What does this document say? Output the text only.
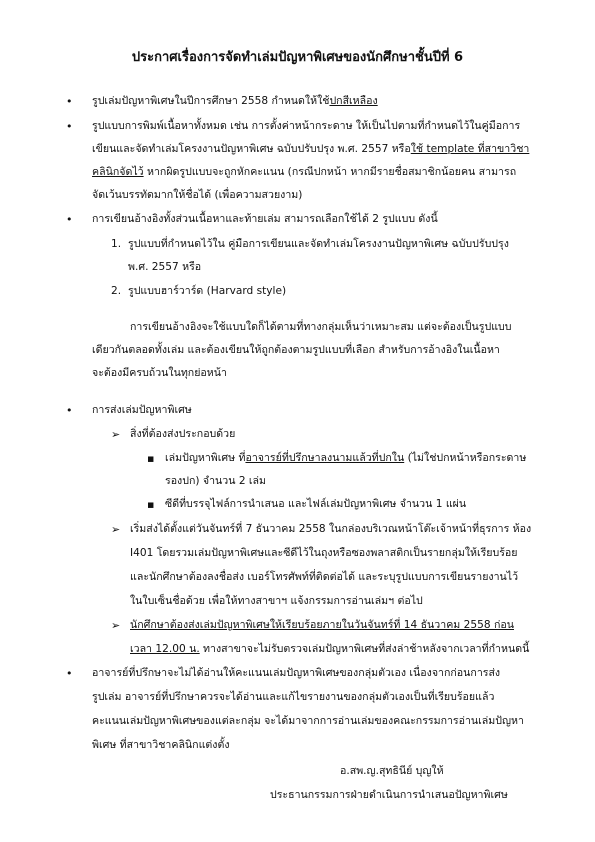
ประกาศเรื่องการจัดทำเล่มปัญหาพิเศษของนักศึกษาชั้นปีที่ 6
• รูปเล่มปัญหาพิเศษในปีการศึกษา 2558 กำหนดให้ใช้ปกสีเหลือง
• รูปแบบการพิมพ์เนื้อหาทั้งหมด เช่น การตั้งค่าหน้ากระดาษ ให้เป็นไปตามที่กำหนดไว้ในคู่มือการ
เขียนและจัดทำเล่มโครงงานปัญหาพิเศษ ฉบับปรับปรุง พ.ศ. 2557 หรือใช้ template ที่สาขาวิชา
คลินิกจัดไว้ หากผิดรูปแบบจะถูกหักคะแนน (กรณีปกหน้า หากมีรายชื่อสมาชิกน้อยคน สามารถ
จัดเว้นบรรทัดมากให้ชื่อได้ (เพื่อความสวยงาม)
• การเขียนอ้างอิงทั้งส่วนเนื้อหาและท้ายเล่ม สามารถเลือกใช้ได้ 2 รูปแบบ ดังนี้
1. รูปแบบที่กำหนดไว้ใน คู่มือการเขียนและจัดทำเล่มโครงงานปัญหาพิเศษ ฉบับปรับปรุง
พ.ศ. 2557 หรือ
2. รูปแบบฮาร์วาร์ด (Harvard style)
การเขียนอ้างอิงจะใช้แบบใดก็ได้ตามที่ทางกลุ่มเห็นว่าเหมาะสม แต่จะต้องเป็นรูปแบบ
เดียวกันตลอดทั้งเล่ม และต้องเขียนให้ถูกต้องตามรูปแบบที่เลือก สำหรับการอ้างอิงในเนื้อหา
จะต้องมีครบถ้วนในทุกย่อหน้า
• การส่งเล่มปัญหาพิเศษ
➢ สิ่งที่ต้องส่งประกอบด้วย
▪ เล่มปัญหาพิเศษ ที่อาจารย์ที่ปรึกษาลงนามแล้วที่ปกใน (ไม่ใช่ปกหน้าหรือกระดาษ
รองปก) จำนวน 2 เล่ม
▪ ซีดีที่บรรจุไฟล์การนำเสนอ และไฟล์เล่มปัญหาพิเศษ จำนวน 1 แผ่น
➢ เริ่มส่งได้ตั้งแต่วันจันทร์ที่ 7 ธันวาคม 2558 ในกล่องบริเวณหน้าโต๊ะเจ้าหน้าที่ธุรการ ห้อง
I401 โดยรวมเล่มปัญหาพิเศษและซีดีไว้ในถุงหรือซองพลาสติกเป็นรายกลุ่มให้เรียบร้อย
และนักศึกษาต้องลงชื่อส่ง เบอร์โทรศัพท์ที่ติดต่อได้ และระบุรูปแบบการเขียนรายงานไว้
ในใบเซ็นชื่อด้วย เพื่อให้ทางสาขาฯ แจ้งกรรมการอ่านเล่มฯ ต่อไป
➢ นักศึกษาต้องส่งเล่มปัญหาพิเศษให้เรียบร้อยภายในวันจันทร์ที่ 14 ธันวาคม 2558 ก่อน
เวลา 12.00 น. ทางสาขาจะไม่รับตรวจเล่มปัญหาพิเศษที่ส่งล่าช้าหลังจากเวลาที่กำหนดนี้
• อาจารย์ที่ปรึกษาจะไม่ได้อ่านให้คะแนนเล่มปัญหาพิเศษของกลุ่มตัวเอง เนื่องจากก่อนการส่ง
รูปเล่ม อาจารย์ที่ปรึกษาควรจะได้อ่านและแก้ไขรายงานของกลุ่มตัวเองเป็นที่เรียบร้อยแล้ว
คะแนนเล่มปัญหาพิเศษของแต่ละกลุ่ม จะได้มาจากการอ่านเล่มของคณะกรรมการอ่านเล่มปัญหา
พิเศษ ที่สาขาวิชาคลินิกแต่งตั้ง
อ.สพ.ญ.สุทธินีย์ บุญให้
ประธานกรรมการฝ่ายดำเนินการนำเสนอปัญหาพิเศษ
